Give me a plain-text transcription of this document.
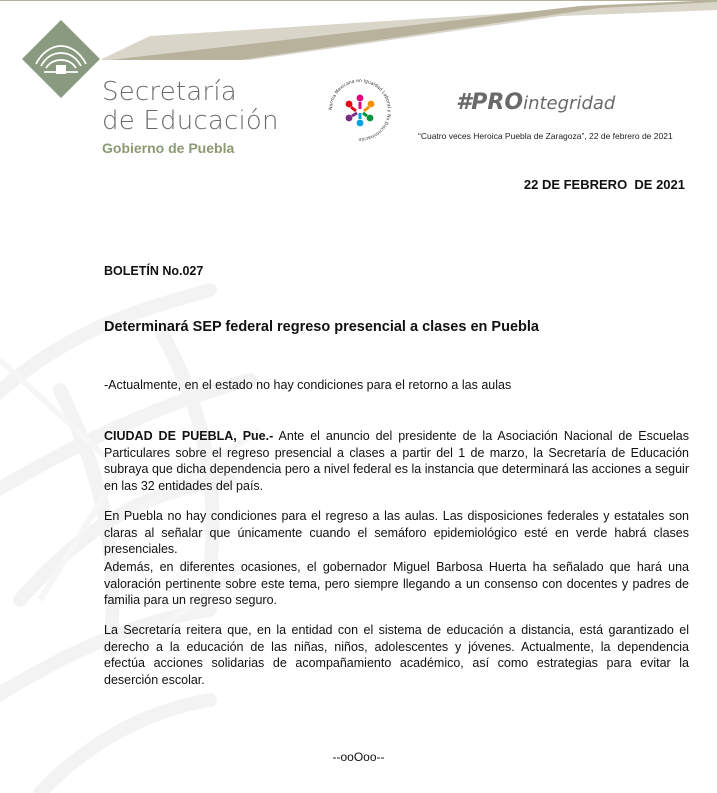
Secretaría
de Educación
Gobierno de Puebla
Norma Mexicana en Igualdad Laboral y No Discriminación
#PROintegridad
“Cuatro veces Heroica Puebla de Zaragoza”, 22 de febrero de 2021
22 DE FEBRERO  DE 2021
BOLETÍN No.027
Determinará SEP federal regreso presencial a clases en Puebla
-Actualmente, en el estado no hay condiciones para el retorno a las aulas
CIUDAD DE PUEBLA, Pue.- Ante el anuncio del presidente de la Asociación Nacional de Escuelas Particulares sobre el regreso presencial a clases a partir del 1 de marzo, la Secretaría de Educación subraya que dicha dependencia pero a nivel federal es la instancia que determinará las acciones a seguir en las 32 entidades del país.
En Puebla no hay condiciones para el regreso a las aulas. Las disposiciones federales y estatales son claras al señalar que únicamente cuando el semáforo epidemiológico esté en verde habrá clases presenciales.
Además, en diferentes ocasiones, el gobernador Miguel Barbosa Huerta ha señalado que hará una valoración pertinente sobre este tema, pero siempre llegando a un consenso con docentes y padres de familia para un regreso seguro.
La Secretaría reitera que, en la entidad con el sistema de educación a distancia, está garantizado el derecho a la educación de las niñas, niños, adolescentes y jóvenes. Actualmente, la dependencia efectúa acciones solidarias de acompañamiento académico, así como estrategias para evitar la deserción escolar.
--ooOoo--
